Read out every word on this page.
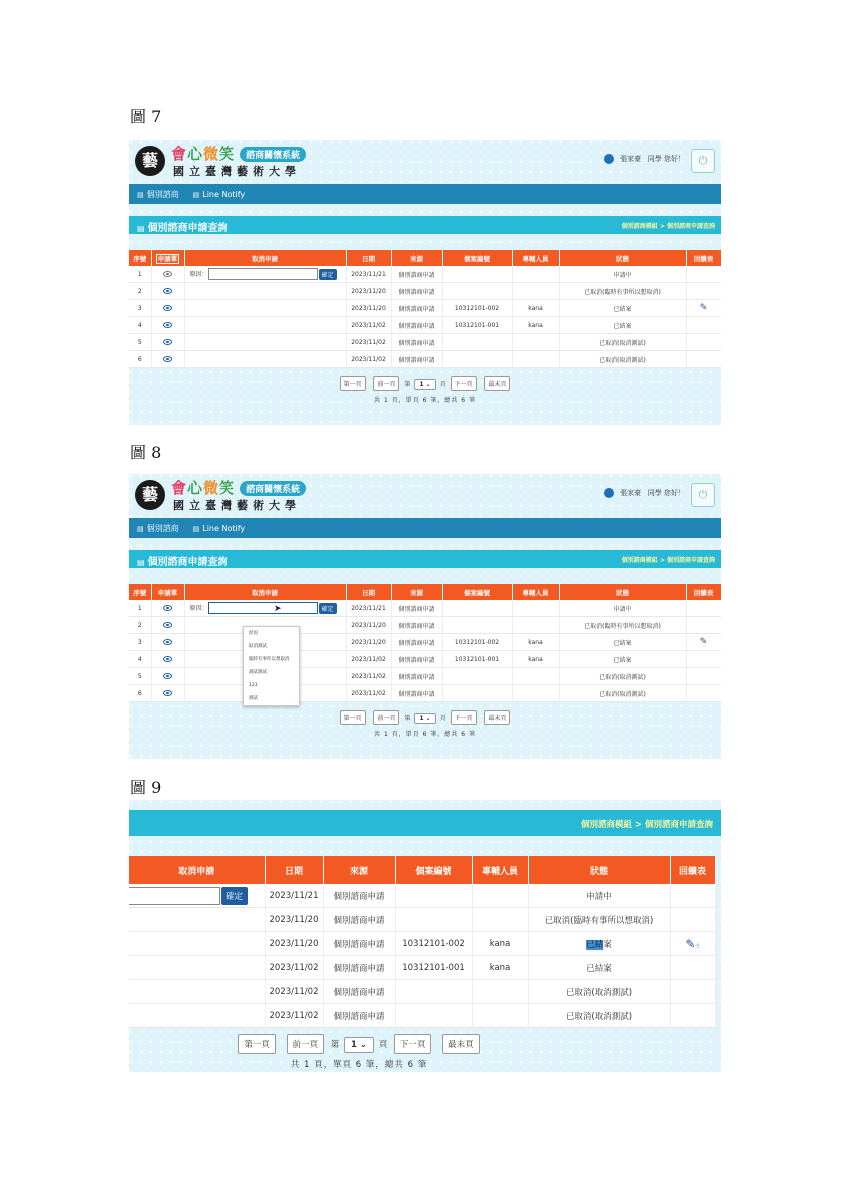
圖 7
藝 會心微笑 諮商關懷系統
國立臺灣藝術大學
張家豪 同學 您好！	⏻
▤ 個別諮商 ▤ Line Notify
▤ 個別諮商申請查詢	個別諮商模組 > 個別諮商申請查詢
序號	申請單	取消申請	日期	來源	個案編號	專輔人員	狀態	回饋表
1		原因： 確定	2023/11/21	個別諮商申請			申請中	
2			2023/11/20	個別諮商申請			已取消(臨時有事所以想取消)	
3			2023/11/20	個別諮商申請	10312101-002	kana	已結案	✎
4			2023/11/02	個別諮商申請	10312101-001	kana	已結案	
5			2023/11/02	個別諮商申請			已取消(取消測試)	
6			2023/11/02	個別諮商申請			已取消(取消測試)	
第一頁	前一頁 第 1 ⌄ 頁 下一頁	最末頁
共 1 頁，單頁 6 筆，總共 6 筆
圖 8
藝 會心微笑 諮商關懷系統
國立臺灣藝術大學
張家豪 同學 您好！	⏻
▤ 個別諮商 ▤ Line Notify
▤ 個別諮商申請查詢	個別諮商模組 > 個別諮商申請查詢
序號	申請單	取消申請	日期	來源	個案編號	專輔人員	狀態	回饋表
1		原因： 確定	2023/11/21	個別諮商申請			申請中	
2			2023/11/20	個別諮商申請			已取消(臨時有事所以想取消)	
3			2023/11/20	個別諮商申請	10312101-002	kana	已結案	✎
4			2023/11/02	個別諮商申請	10312101-001	kana	已結案	
5			2023/11/02	個別諮商申請			已取消(取消測試)	
6			2023/11/02	個別諮商申請			已取消(取消測試)	
原因
取消測試
臨時有事所以想取消
測試測試
123
測試
➤
第一頁	前一頁 第 1 ⌄ 頁 下一頁	最末頁
共 1 頁，單頁 6 筆，總共 6 筆
圖 9
個別諮商模組 > 個別諮商申請查詢
取消申請	日期	來源	個案編號	專輔人員	狀態	回饋表
確定	2023/11/21	個別諮商申請			申請中	
	2023/11/20	個別諮商申請			已取消(臨時有事所以想取消)	
	2023/11/20	個別諮商申請	10312101-002	kana	已結案	✎☝
	2023/11/02	個別諮商申請	10312101-001	kana	已結案	
	2023/11/02	個別諮商申請			已取消(取消測試)	
	2023/11/02	個別諮商申請			已取消(取消測試)	
第一頁	前一頁 第 1 ⌄ 頁 下一頁	最末頁
共 1 頁，單頁 6 筆，總共 6 筆
